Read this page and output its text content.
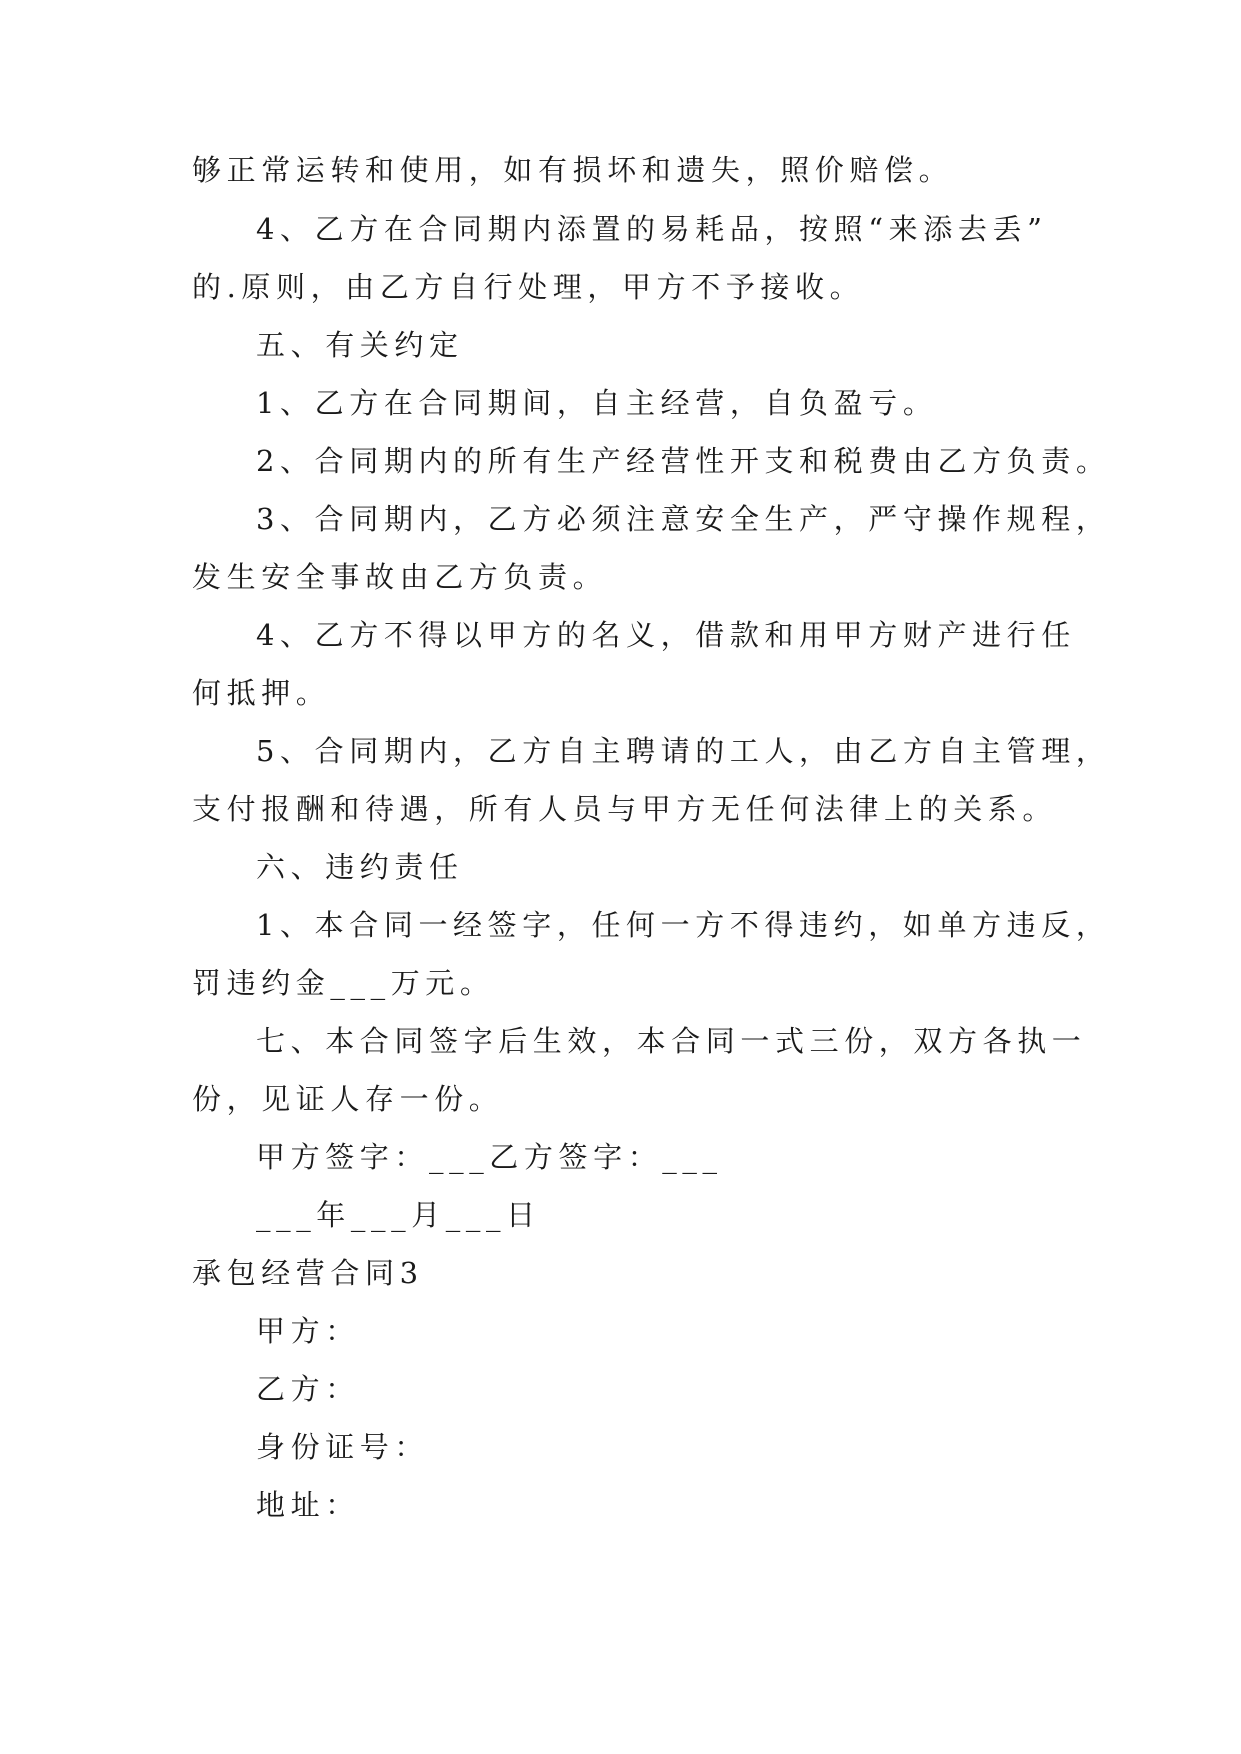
够正常运转和使用，如有损坏和遗失，照价赔偿。
4、乙方在合同期内添置的易耗品，按照“来添去丢”
的.原则，由乙方自行处理，甲方不予接收。
五、有关约定
1、乙方在合同期间，自主经营，自负盈亏。
2、合同期内的所有生产经营性开支和税费由乙方负责。
3、合同期内，乙方必须注意安全生产，严守操作规程，
发生安全事故由乙方负责。
4、乙方不得以甲方的名义，借款和用甲方财产进行任
何抵押。
5、合同期内，乙方自主聘请的工人，由乙方自主管理，
支付报酬和待遇，所有人员与甲方无任何法律上的关系。
六、违约责任
1、本合同一经签字，任何一方不得违约，如单方违反，
罚违约金___万元。
七、本合同签字后生效，本合同一式三份，双方各执一
份，见证人存一份。
甲方签字：___乙方签字：___
___年___月___日
承包经营合同3
甲方：
乙方：
身份证号：
地址：
